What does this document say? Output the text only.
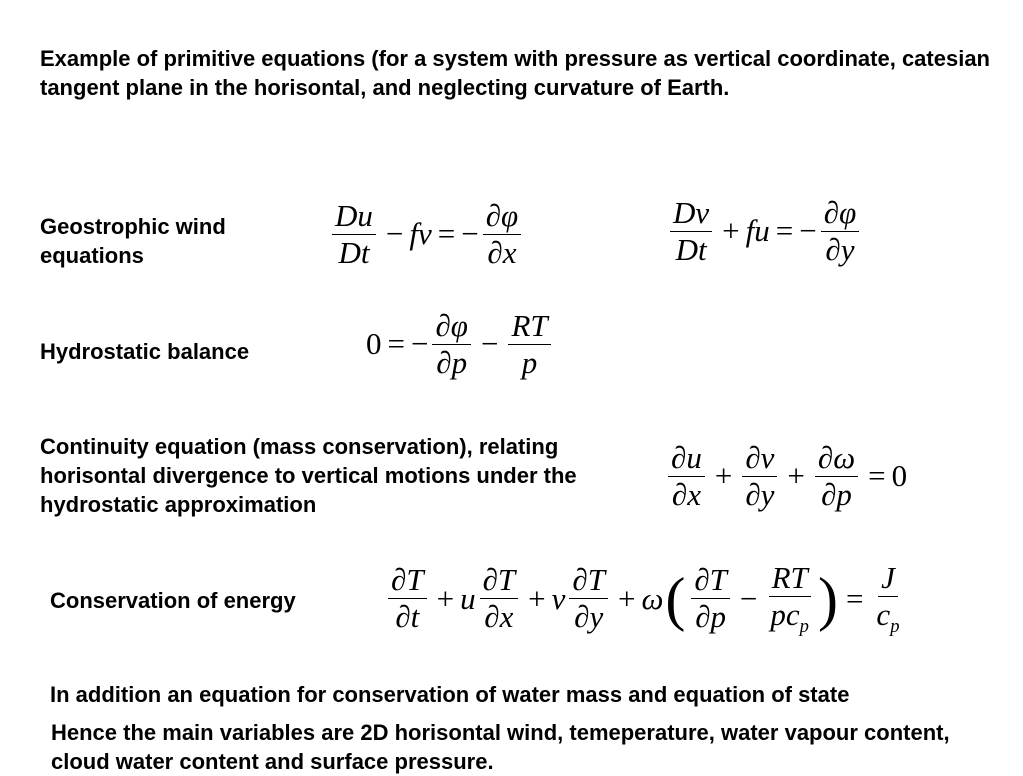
Example of primitive equations (for a system with pressure as vertical coordinate, catesian tangent plane in the horisontal, and neglecting curvature of Earth.
Geostrophic wind equations	$\frac{Du}{Dt}$ − fv = − $\frac{\partial\varphi}{\partial x}$	$\frac{Dv}{Dt}$ + fu = − $\frac{\partial\varphi}{\partial y}$
Hydrostatic balance	0 = − $\frac{\partial\varphi}{\partial p} - \frac{RT}{p}$
Continuity equation (mass conservation), relating horisontal divergence to vertical motions under the hydrostatic approximation	$\frac{\partial u}{\partial x} + \frac{\partial v}{\partial y} + \frac{\partial\omega}{\partial p} = 0$
Conservation of energy	$\frac{\partial T}{\partial t} + u \frac{\partial T}{\partial x} + v \frac{\partial T}{\partial y} + \omega$ ( $\frac{\partial T}{\partial p} - \frac{RT}{pc_p}$ ) = $\frac{J}{c_p}$
In addition an equation for conservation of water mass and equation of state
Hence the main variables are 2D horisontal wind, temeperature, water vapour content, cloud water content and surface pressure.
